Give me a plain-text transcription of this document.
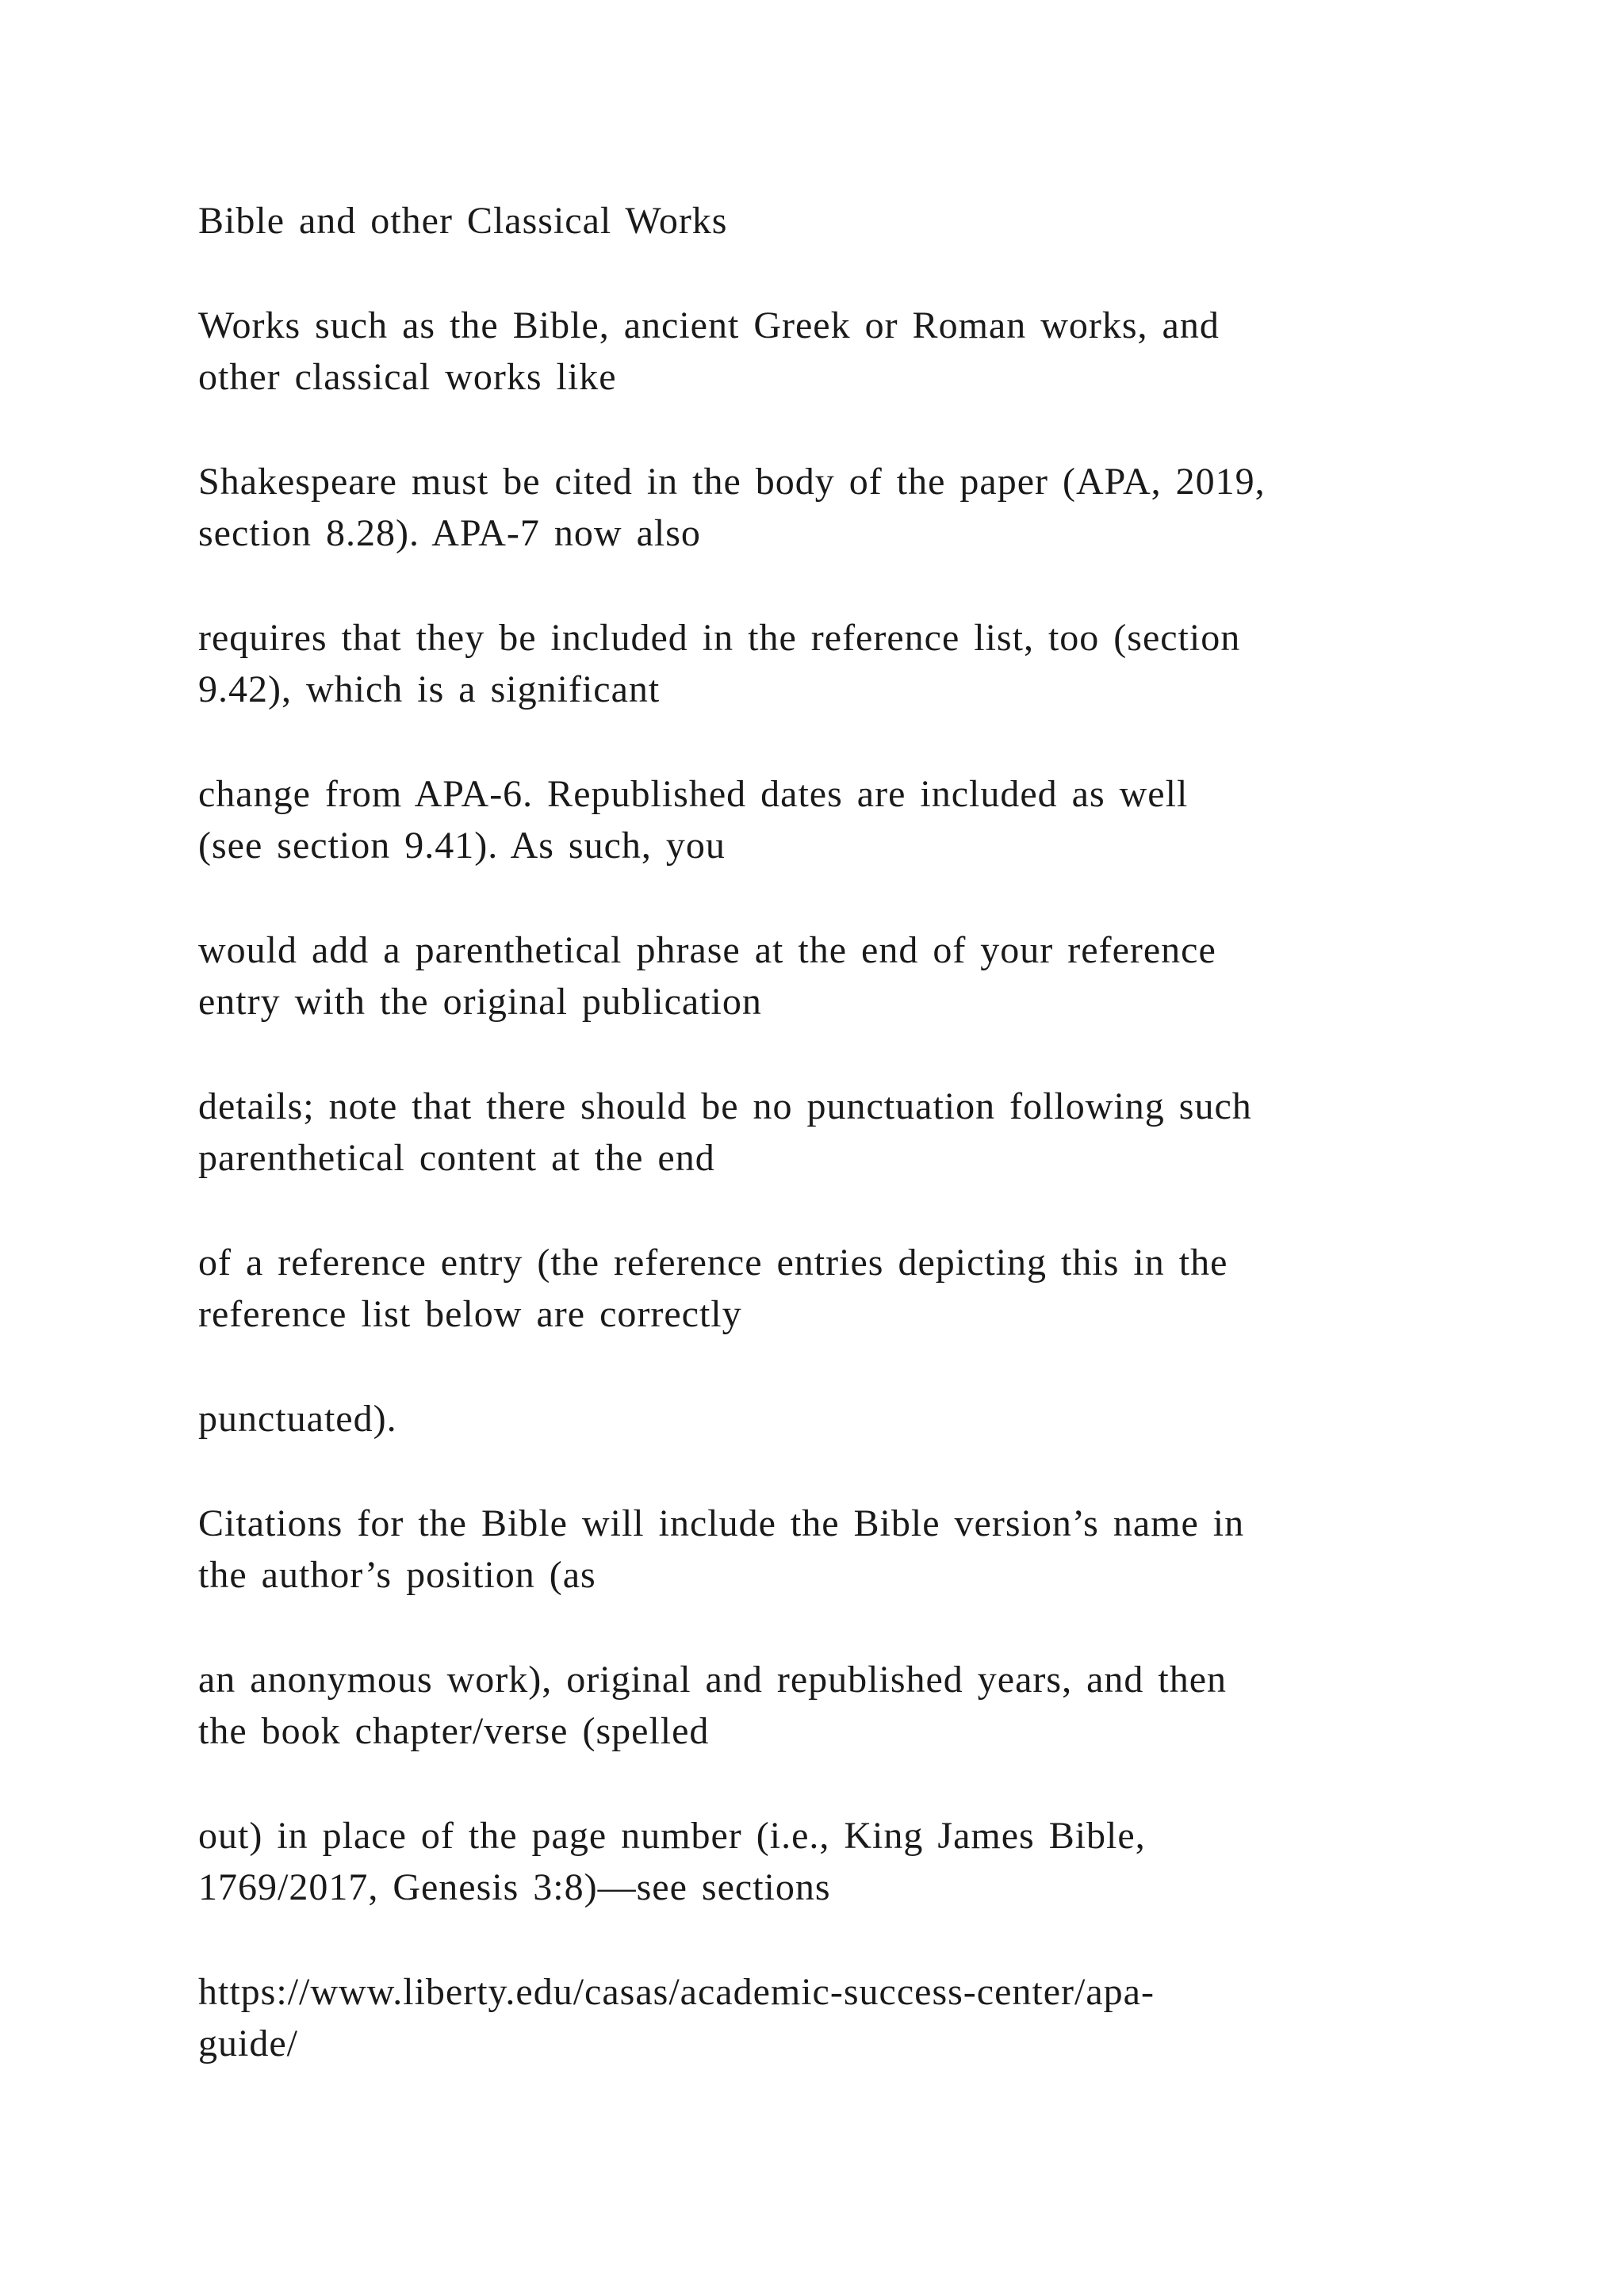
Bible and other Classical Works

Works such as the Bible, ancient Greek or Roman works, and
other classical works like

Shakespeare must be cited in the body of the paper (APA, 2019,
section 8.28). APA-7 now also

requires that they be included in the reference list, too (section
9.42), which is a significant

change from APA-6. Republished dates are included as well
(see section 9.41). As such, you

would add a parenthetical phrase at the end of your reference
entry with the original publication

details; note that there should be no punctuation following such
parenthetical content at the end

of a reference entry (the reference entries depicting this in the
reference list below are correctly

punctuated).

Citations for the Bible will include the Bible version’s name in
the author’s position (as

an anonymous work), original and republished years, and then
the book chapter/verse (spelled

out) in place of the page number (i.e., King James Bible,
1769/2017, Genesis 3:8)—see sections

https://www.liberty.edu/casas/academic-success-center/apa-
guide/
